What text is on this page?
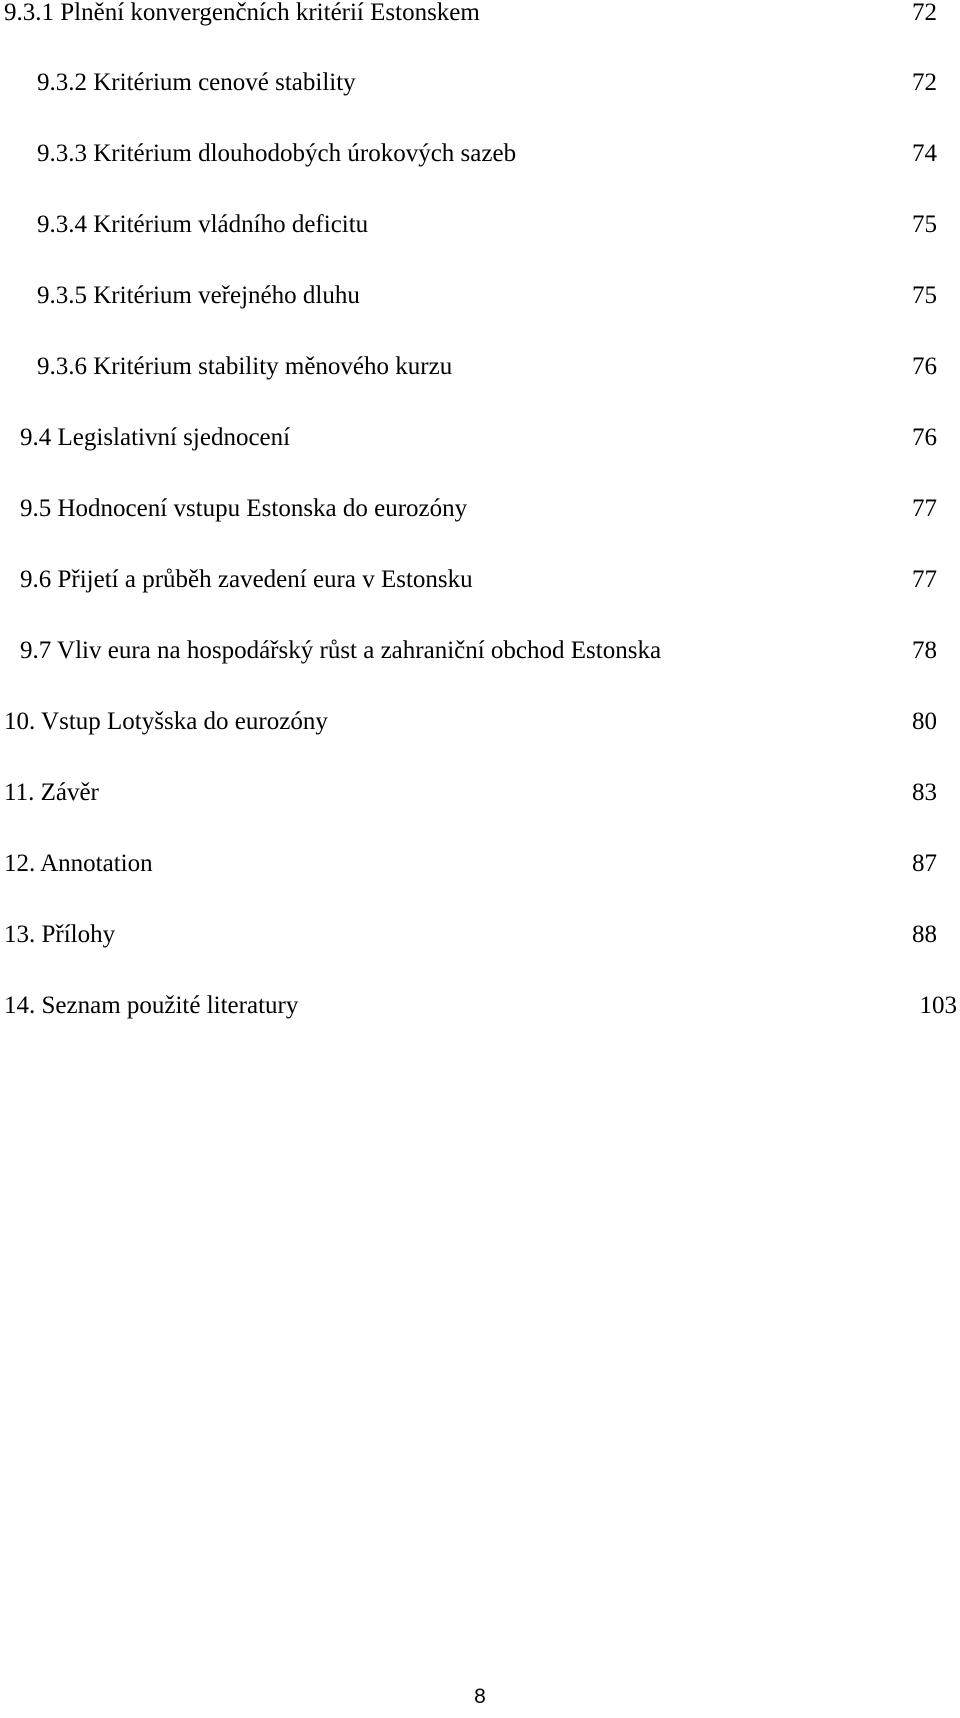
9.3.1 Plnění konvergenčních kritérií Estonskem	72
9.3.2 Kritérium cenové stability	72
9.3.3 Kritérium dlouhodobých úrokových sazeb	74
9.3.4 Kritérium vládního deficitu	75
9.3.5 Kritérium veřejného dluhu	75
9.3.6 Kritérium stability měnového kurzu	76
9.4 Legislativní sjednocení	76
9.5 Hodnocení vstupu Estonska do eurozóny	77
9.6 Přijetí a průběh zavedení eura v Estonsku	77
9.7 Vliv eura na hospodářský růst a zahraniční obchod Estonska	78
10. Vstup Lotyšska do eurozóny	80
11. Závěr	83
12. Annotation	87
13. Přílohy	88
14. Seznam použité literatury	103
8
